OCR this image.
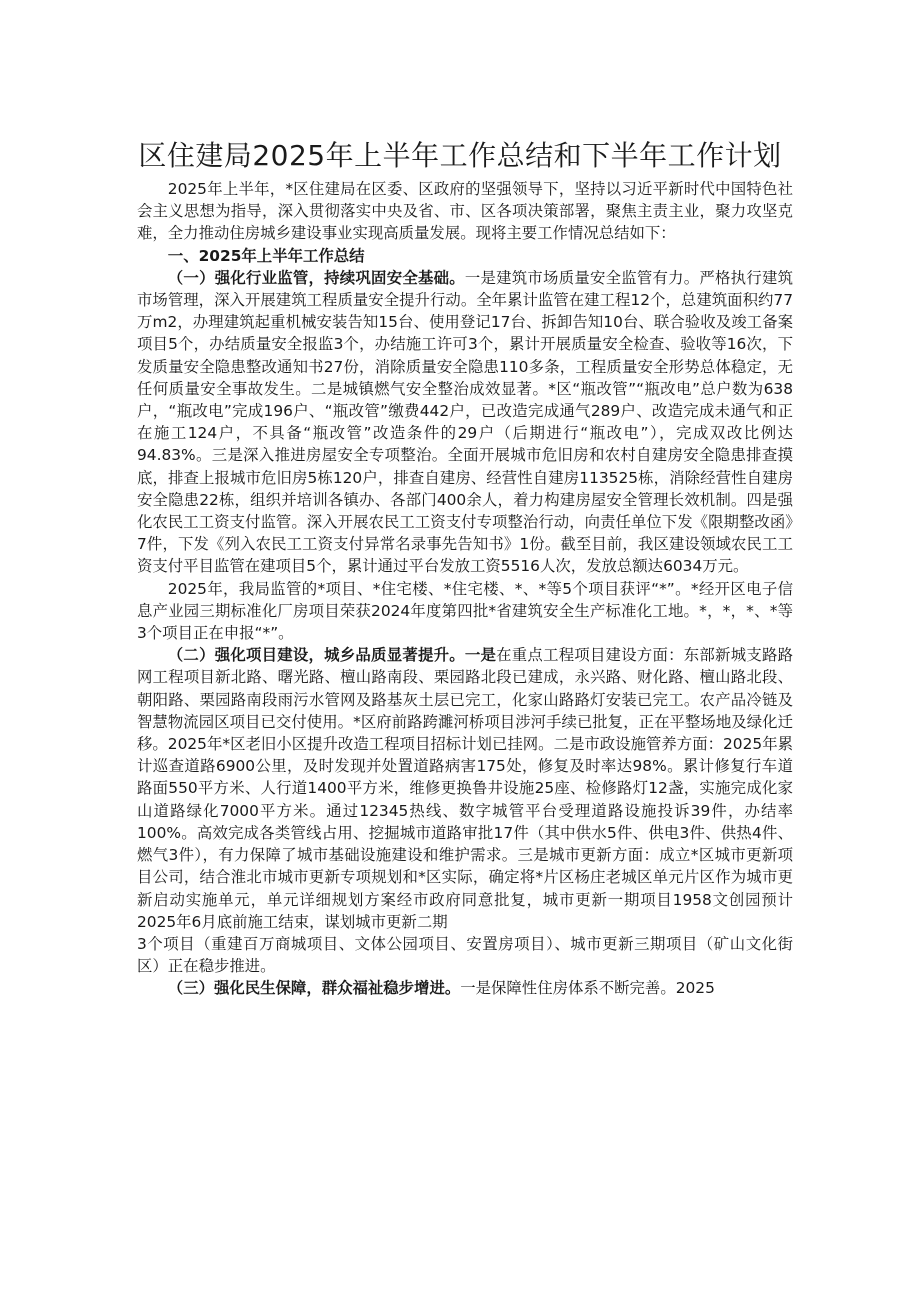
区住建局2025年上半年工作总结和下半年工作计划

2025年上半年，*区住建局在区委、区政府的坚强领导下，坚持以习近平新时代中国特色社会主义思想为指导，深入贯彻落实中央及省、市、区各项决策部署，聚焦主责主业，聚力攻坚克难，全力推动住房城乡建设事业实现高质量发展。现将主要工作情况总结如下：

一、2025年上半年工作总结

（一）强化行业监管，持续巩固安全基础。一是建筑市场质量安全监管有力。严格执行建筑市场管理，深入开展建筑工程质量安全提升行动。全年累计监管在建工程12个，总建筑面积约77万m2，办理建筑起重机械安装告知15台、使用登记17台、拆卸告知10台、联合验收及竣工备案项目5个，办结质量安全报监3个，办结施工许可3个，累计开展质量安全检查、验收等16次，下发质量安全隐患整改通知书27份，消除质量安全隐患110多条，工程质量安全形势总体稳定，无任何质量安全事故发生。二是城镇燃气安全整治成效显著。*区“瓶改管”“瓶改电”总户数为638户，“瓶改电”完成196户、“瓶改管”缴费442户，已改造完成通气289户、改造完成未通气和正在施工124户，不具备“瓶改管”改造条件的29户（后期进行“瓶改电”），完成双改比例达94.83%。三是深入推进房屋安全专项整治。全面开展城市危旧房和农村自建房安全隐患排查摸底，排查上报城市危旧房5栋120户，排查自建房、经营性自建房113525栋，消除经营性自建房安全隐患22栋，组织并培训各镇办、各部门400余人，着力构建房屋安全管理长效机制。四是强化农民工工资支付监管。深入开展农民工工资支付专项整治行动，向责任单位下发《限期整改函》7件，下发《列入农民工工资支付异常名录事先告知书》1份。截至目前，我区建设领域农民工工资支付平目监管在建项目5个，累计通过平台发放工资5516人次，发放总额达6034万元。

2025年，我局监管的*项目、*住宅楼、*住宅楼、*、*等5个项目获评“*”。*经开区电子信息产业园三期标准化厂房项目荣获2024年度第四批*省建筑安全生产标准化工地。*，*，*、*等3个项目正在申报“*”。

（二）强化项目建设，城乡品质显著提升。一是在重点工程项目建设方面：东部新城支路路网工程项目新北路、曙光路、檀山路南段、栗园路北段已建成，永兴路、财化路、檀山路北段、朝阳路、栗园路南段雨污水管网及路基灰土层已完工，化家山路路灯安装已完工。农产品冷链及智慧物流园区项目已交付使用。*区府前路跨濉河桥项目涉河手续已批复，正在平整场地及绿化迁移。2025年*区老旧小区提升改造工程项目招标计划已挂网。二是市政设施管养方面：2025年累计巡查道路6900公里，及时发现并处置道路病害175处，修复及时率达98%。累计修复行车道路面550平方米、人行道1400平方米，维修更换鲁井设施25座、检修路灯12盏，实施完成化家山道路绿化7000平方米。通过12345热线、数字城管平台受理道路设施投诉39件，办结率100%。高效完成各类管线占用、挖掘城市道路审批17件（其中供水5件、供电3件、供热4件、燃气3件），有力保障了城市基础设施建设和维护需求。三是城市更新方面：成立*区城市更新项目公司，结合淮北市城市更新专项规划和*区实际，确定将*片区杨庄老城区单元片区作为城市更新启动实施单元，单元详细规划方案经市政府同意批复，城市更新一期项目1958文创园预计2025年6月底前施工结束，谋划城市更新二期

3个项目（重建百万商城项目、文体公园项目、安置房项目）、城市更新三期项目（矿山文化街区）正在稳步推进。

（三）强化民生保障，群众福祉稳步增进。一是保障性住房体系不断完善。2025
